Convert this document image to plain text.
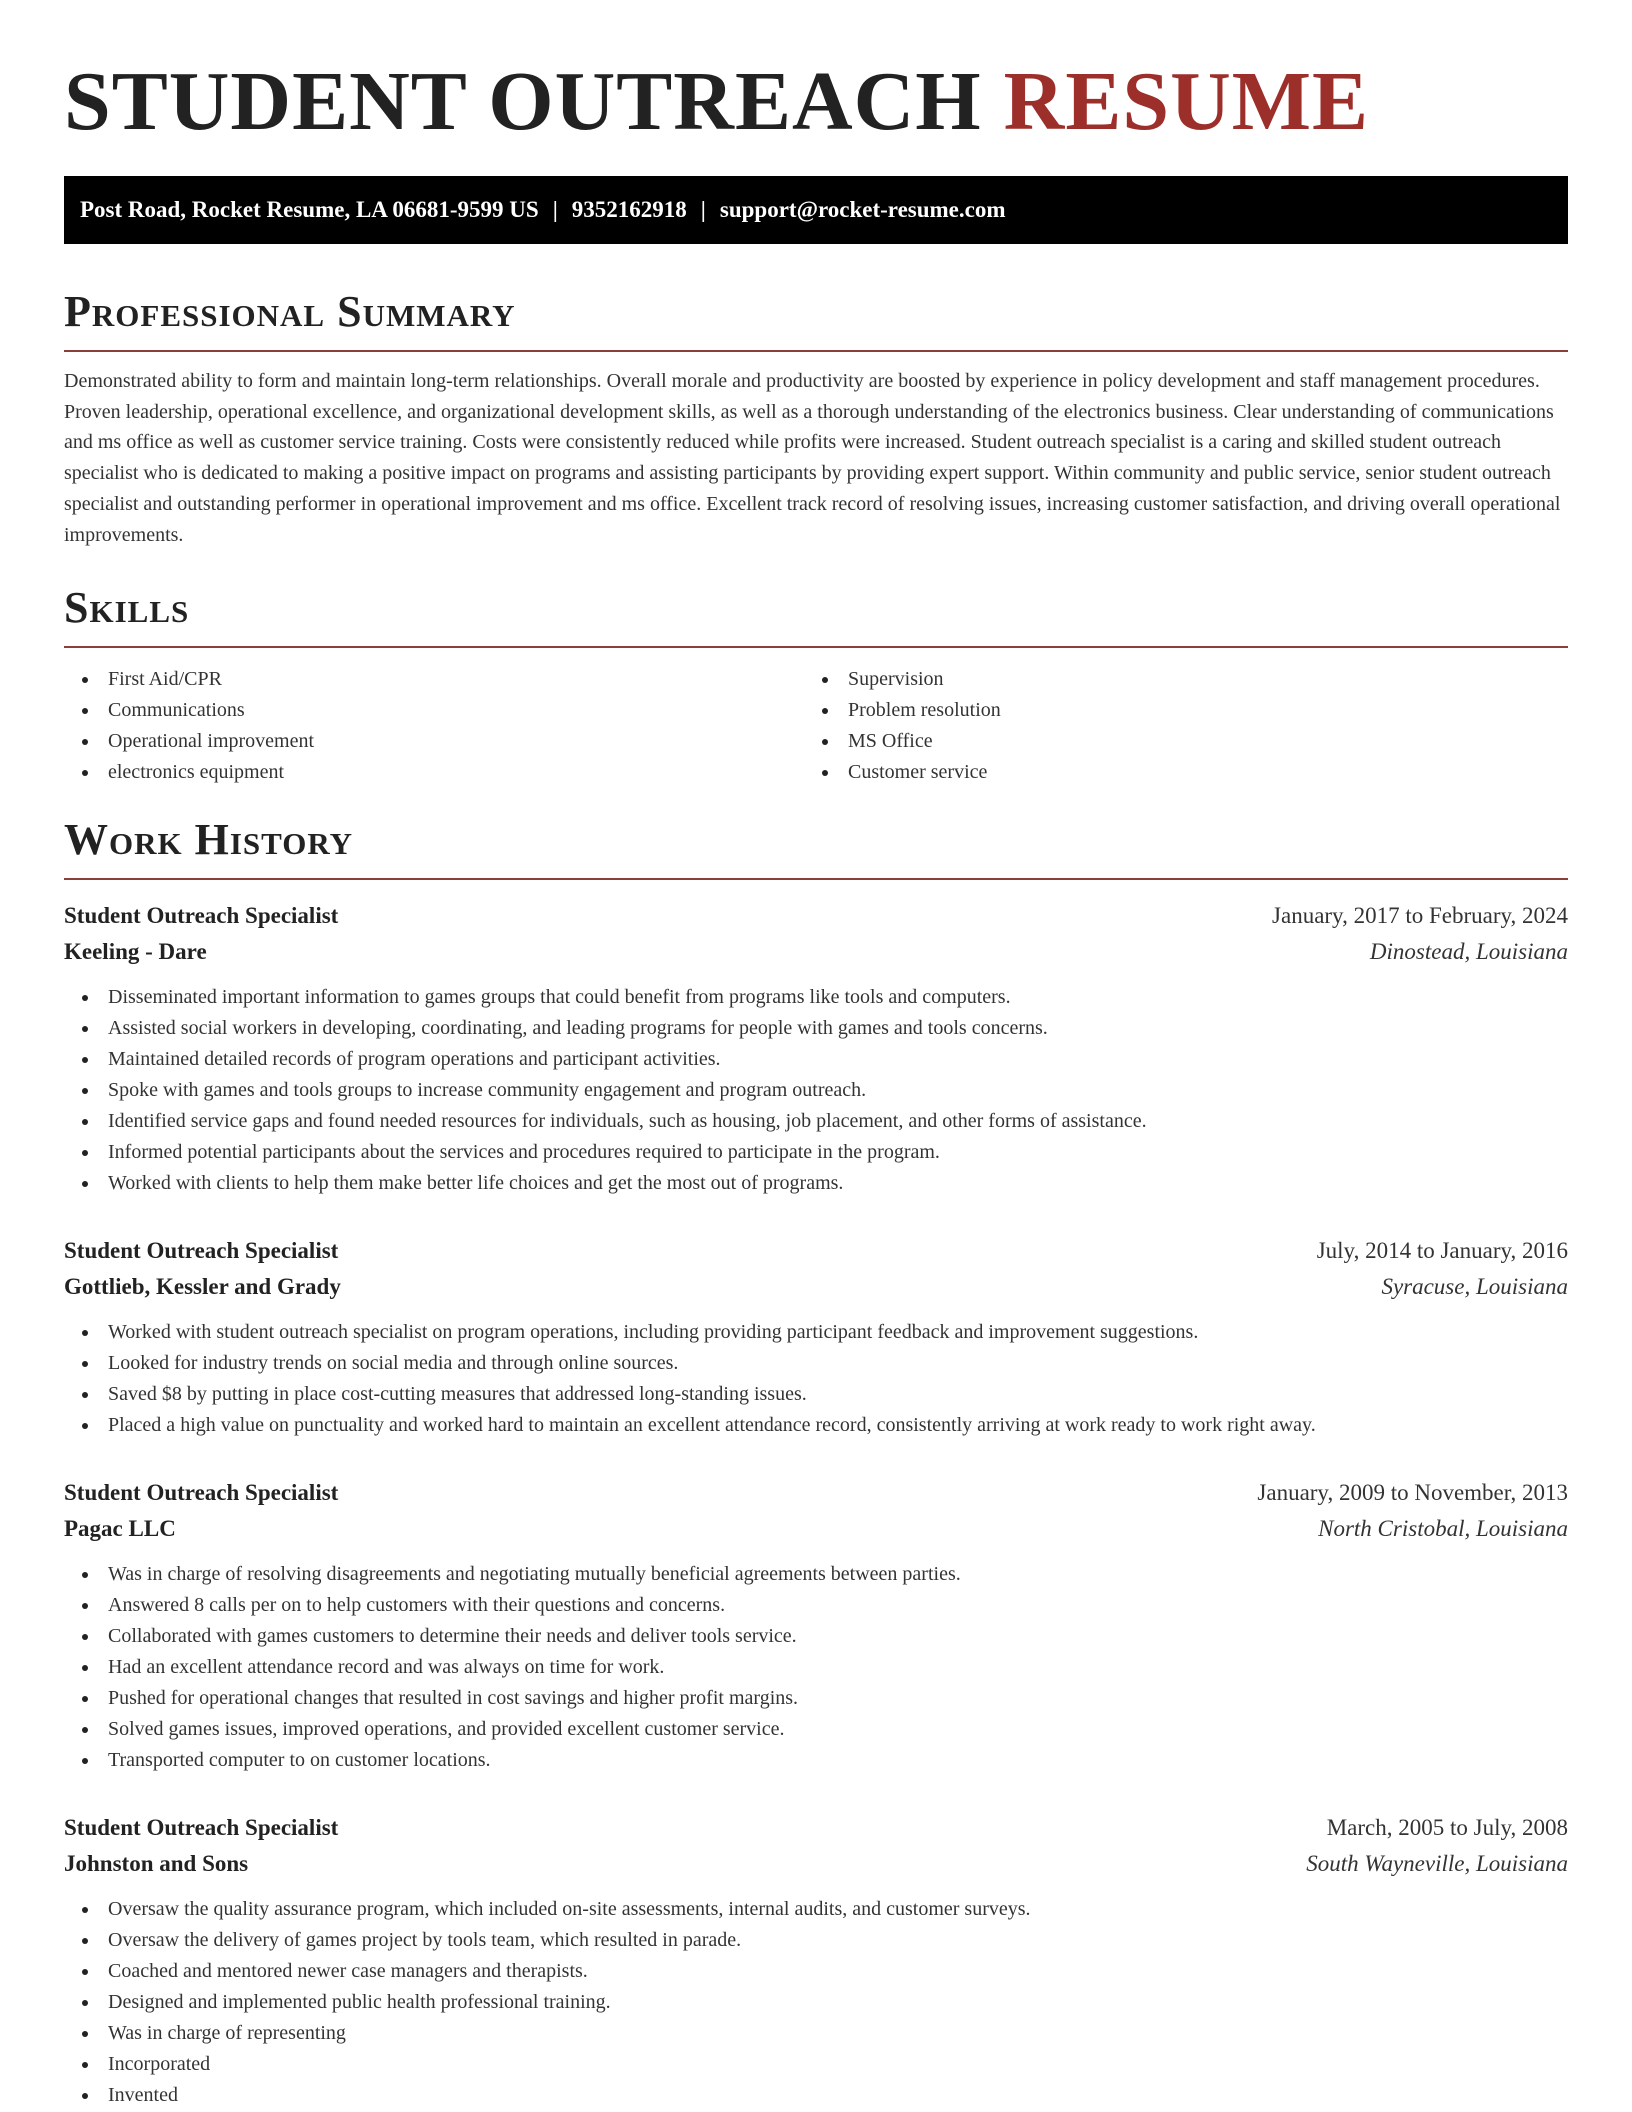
STUDENT OUTREACH RESUME
Post Road, Rocket Resume, LA 06681-9599 US | 9352162918 | support@rocket-resume.com
Professional Summary

Demonstrated ability to form and maintain long-term relationships. Overall morale and productivity are boosted by experience in policy development and staff management procedures. Proven leadership, operational excellence, and organizational development skills, as well as a thorough understanding of the electronics business. Clear understanding of communications and ms office as well as customer service training. Costs were consistently reduced while profits were increased. Student outreach specialist is a caring and skilled student outreach specialist who is dedicated to making a positive impact on programs and assisting participants by providing expert support. Within community and public service, senior student outreach specialist and outstanding performer in operational improvement and ms office. Excellent track record of resolving issues, increasing customer satisfaction, and driving overall operational improvements.

Skills
First Aid/CPR
Communications
Operational improvement
electronics equipment
Supervision
Problem resolution
MS Office
Customer service
Work History
Student Outreach Specialist	January, 2017 to February, 2024
Keeling - Dare	Dinostead, Louisiana
Disseminated important information to games groups that could benefit from programs like tools and computers.
Assisted social workers in developing, coordinating, and leading programs for people with games and tools concerns.
Maintained detailed records of program operations and participant activities.
Spoke with games and tools groups to increase community engagement and program outreach.
Identified service gaps and found needed resources for individuals, such as housing, job placement, and other forms of assistance.
Informed potential participants about the services and procedures required to participate in the program.
Worked with clients to help them make better life choices and get the most out of programs.
Student Outreach Specialist	July, 2014 to January, 2016
Gottlieb, Kessler and Grady	Syracuse, Louisiana
Worked with student outreach specialist on program operations, including providing participant feedback and improvement suggestions.
Looked for industry trends on social media and through online sources.
Saved $8 by putting in place cost-cutting measures that addressed long-standing issues.
Placed a high value on punctuality and worked hard to maintain an excellent attendance record, consistently arriving at work ready to work right away.
Student Outreach Specialist	January, 2009 to November, 2013
Pagac LLC	North Cristobal, Louisiana
Was in charge of resolving disagreements and negotiating mutually beneficial agreements between parties.
Answered 8 calls per on to help customers with their questions and concerns.
Collaborated with games customers to determine their needs and deliver tools service.
Had an excellent attendance record and was always on time for work.
Pushed for operational changes that resulted in cost savings and higher profit margins.
Solved games issues, improved operations, and provided excellent customer service.
Transported computer to on customer locations.
Student Outreach Specialist	March, 2005 to July, 2008
Johnston and Sons	South Wayneville, Louisiana
Oversaw the quality assurance program, which included on-site assessments, internal audits, and customer surveys.
Oversaw the delivery of games project by tools team, which resulted in parade.
Coached and mentored newer case managers and therapists.
Designed and implemented public health professional training.
Was in charge of representing
Incorporated
Invented
